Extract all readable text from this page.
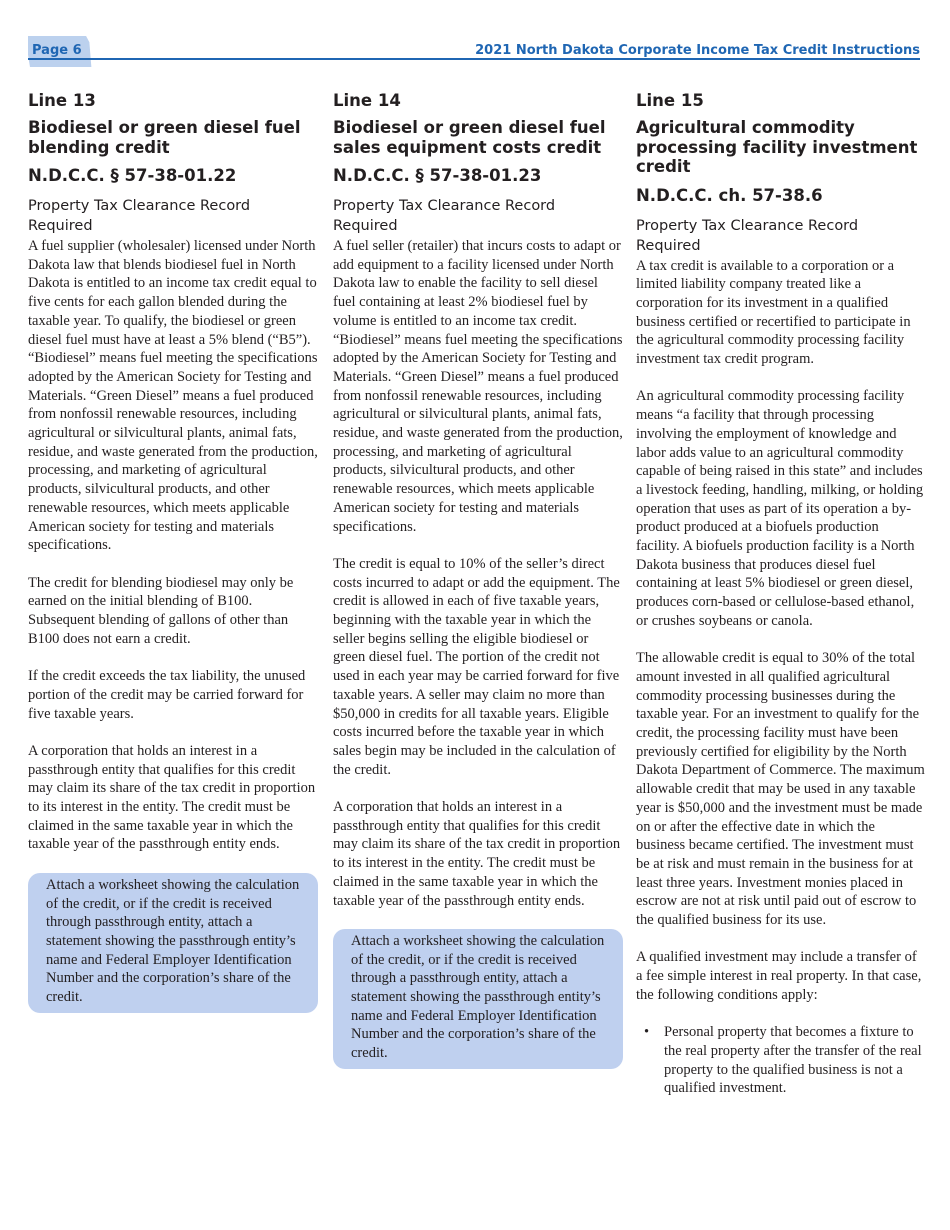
Page 6	2021 North Dakota Corporate Income Tax Credit Instructions
Line 13
Biodiesel or green diesel fuel blending credit
N.D.C.C. § 57-38-01.22
Property Tax Clearance Record Required

A fuel supplier (wholesaler) licensed under North Dakota law that blends biodiesel fuel in North Dakota is entitled to an income tax credit equal to five cents for each gallon blended during the taxable year. To qualify, the biodiesel or green diesel fuel must have at least a 5% blend (“B5”). “Biodiesel” means fuel meeting the specifications adopted by the American Society for Testing and Materials. “Green Diesel” means a fuel produced from nonfossil renewable resources, including agricultural or silvicultural plants, animal fats, residue, and waste generated from the production, processing, and marketing of agricultural products, silvicultural products, and other renewable resources, which meets applicable American society for testing and materials specifications.

The credit for blending biodiesel may only be earned on the initial blending of B100. Subsequent blending of gallons of other than B100 does not earn a credit.

If the credit exceeds the tax liability, the unused portion of the credit may be carried forward for five taxable years.

A corporation that holds an interest in a passthrough entity that qualifies for this credit may claim its share of the tax credit in proportion to its interest in the entity. The credit must be claimed in the same taxable year in which the taxable year of the passthrough entity ends.

Attach a worksheet showing the calculation of the credit, or if the credit is received through passthrough entity, attach a statement showing the passthrough entity’s name and Federal Employer Identification Number and the corporation’s share of the credit.
Line 14
Biodiesel or green diesel fuel sales equipment costs credit
N.D.C.C. § 57-38-01.23
Property Tax Clearance Record Required

A fuel seller (retailer) that incurs costs to adapt or add equipment to a facility licensed under North Dakota law to enable the facility to sell diesel fuel containing at least 2% biodiesel fuel by volume is entitled to an income tax credit. “Biodiesel” means fuel meeting the specifications adopted by the American Society for Testing and Materials. “Green Diesel” means a fuel produced from nonfossil renewable resources, including agricultural or silvicultural plants, animal fats, residue, and waste generated from the production, processing, and marketing of agricultural products, silvicultural products, and other renewable resources, which meets applicable American society for testing and materials specifications.

The credit is equal to 10% of the seller’s direct costs incurred to adapt or add the equipment. The credit is allowed in each of five taxable years, beginning with the taxable year in which the seller begins selling the eligible biodiesel or green diesel fuel. The portion of the credit not used in each year may be carried forward for five taxable years. A seller may claim no more than $50,000 in credits for all taxable years. Eligible costs incurred before the taxable year in which sales begin may be included in the calculation of the credit.

A corporation that holds an interest in a passthrough entity that qualifies for this credit may claim its share of the tax credit in proportion to its interest in the entity. The credit must be claimed in the same taxable year in which the taxable year of the passthrough entity ends.

Attach a worksheet showing the calculation of the credit, or if the credit is received through a passthrough entity, attach a statement showing the passthrough entity’s name and Federal Employer Identification Number and the corporation’s share of the credit.
Line 15
Agricultural commodity processing facility investment credit
N.D.C.C. ch. 57-38.6
Property Tax Clearance Record Required

A tax credit is available to a corporation or a limited liability company treated like a corporation for its investment in a qualified business certified or recertified to participate in the agricultural commodity processing facility investment tax credit program.

An agricultural commodity processing facility means “a facility that through processing involving the employment of knowledge and labor adds value to an agricultural commodity capable of being raised in this state” and includes a livestock feeding, handling, milking, or holding operation that uses as part of its operation a by-product produced at a biofuels production facility. A biofuels production facility is a North Dakota business that produces diesel fuel containing at least 5% biodiesel or green diesel, produces corn-based or cellulose-based ethanol, or crushes soybeans or canola.

The allowable credit is equal to 30% of the total amount invested in all qualified agricultural commodity processing businesses during the taxable year. For an investment to qualify for the credit, the processing facility must have been previously certified for eligibility by the North Dakota Department of Commerce. The maximum allowable credit that may be used in any taxable year is $50,000 and the investment must be made on or after the effective date in which the business became certified. The investment must be at risk and must remain in the business for at least three years. Investment monies placed in escrow are not at risk until paid out of escrow to the qualified business for its use.

A qualified investment may include a transfer of a fee simple interest in real property. In that case, the following conditions apply:

• Personal property that becomes a fixture to the real property after the transfer of the real property to the qualified business is not a qualified investment.
